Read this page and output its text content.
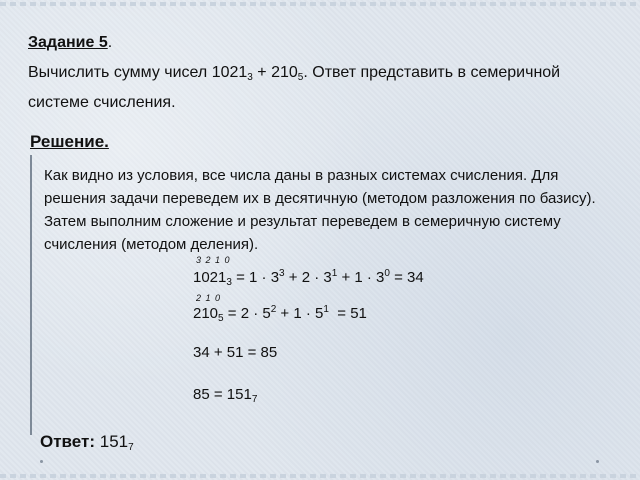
Задание 5.
Вычислить сумму чисел $1021_3 + 210_5$. Ответ представить в семеричной
системе счисления.
Решение.
Как видно из условия, все числа даны в разных системах счисления. Для решения задачи переведем их в десятичную (методом разложения по базису). Затем выполним сложение и результат переведем в семеричную систему счисления (методом деления).
3 2 1 0
$1021_3 = 1 \cdot 3^3 + 2 \cdot 3^1 + 1 \cdot 3^0 = 34$
2 1 0
$210_5 = 2 \cdot 5^2 + 1 \cdot 5^1 = 51$
34 + 51 = 85
$85 = 151_7$
Ответ: $151_7$
